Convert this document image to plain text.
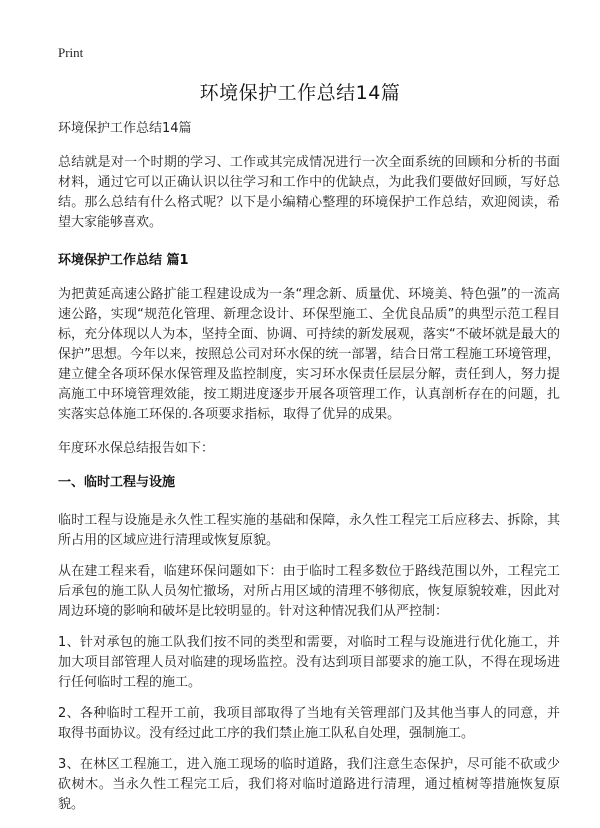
Print
环境保护工作总结14篇

环境保护工作总结14篇

总结就是对一个时期的学习、工作或其完成情况进行一次全面系统的回顾和分析的书面材料，通过它可以正确认识以往学习和工作中的优缺点，为此我们要做好回顾，写好总结。那么总结有什么格式呢？以下是小编精心整理的环境保护工作总结，欢迎阅读，希望大家能够喜欢。

环境保护工作总结 篇1

为把黄延高速公路扩能工程建设成为一条“理念新、质量优、环境美、特色强”的一流高速公路，实现“规范化管理、新理念设计、环保型施工、全优良品质”的典型示范工程目标，充分体现以人为本，坚持全面、协调、可持续的新发展观，落实“不破坏就是最大的保护”思想。今年以来，按照总公司对环水保的统一部署，结合日常工程施工环境管理，建立健全各项环保水保管理及监控制度，实习环水保责任层层分解，责任到人，努力提高施工中环境管理效能，按工期进度逐步开展各项管理工作，认真剖析存在的问题，扎实落实总体施工环保的.各项要求指标，取得了优异的成果。

年度环水保总结报告如下：

一、临时工程与设施

临时工程与设施是永久性工程实施的基础和保障，永久性工程完工后应移去、拆除，其所占用的区域应进行清理或恢复原貌。

从在建工程来看，临建环保问题如下：由于临时工程多数位于路线范围以外，工程完工后承包的施工队人员匆忙撤场，对所占用区域的清理不够彻底，恢复原貌较难，因此对周边环境的影响和破坏是比较明显的。针对这种情况我们从严控制：

1、针对承包的施工队我们按不同的类型和需要，对临时工程与设施进行优化施工，并加大项目部管理人员对临建的现场监控。没有达到项目部要求的施工队，不得在现场进行任何临时工程的施工。

2、各种临时工程开工前，我项目部取得了当地有关管理部门及其他当事人的同意，并取得书面协议。没有经过此工序的我们禁止施工队私自处理，强制施工。

3、在林区工程施工，进入施工现场的临时道路，我们注意生态保护，尽可能不砍或少砍树木。当永久性工程完工后，我们将对临时道路进行清理，通过植树等措施恢复原貌。
